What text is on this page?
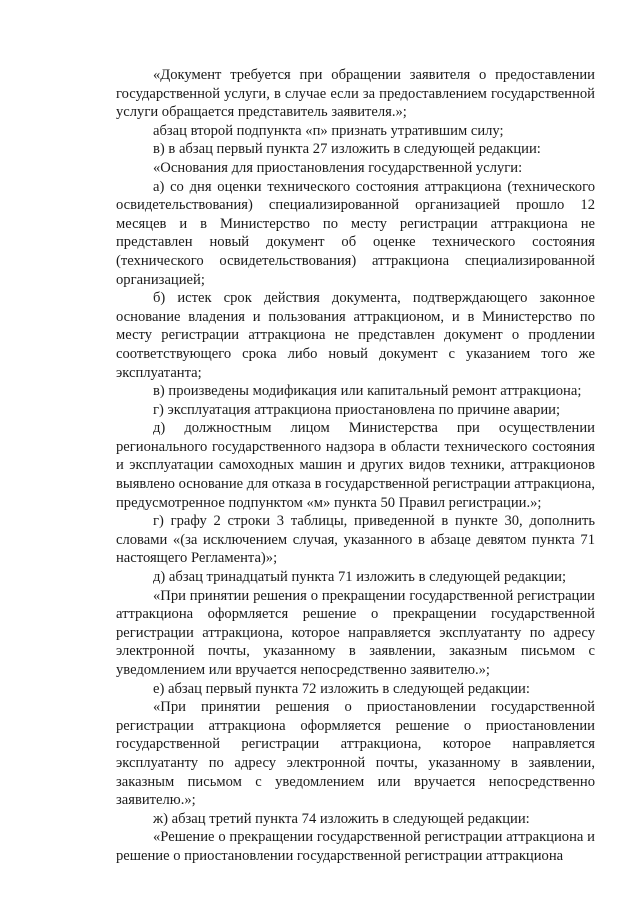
«Документ требуется при обращении заявителя о предоставлении государственной услуги, в случае если за предоставлением государственной услуги обращается представитель заявителя.»;

абзац второй подпункта «п» признать утратившим силу;

в) в абзац первый пункта 27 изложить в следующей редакции:

«Основания для приостановления государственной услуги:

а) со дня оценки технического состояния аттракциона (технического освидетельствования) специализированной организацией прошло 12 месяцев и в Министерство по месту регистрации аттракциона не представлен новый документ об оценке технического состояния (технического освидетельствования) аттракциона специализированной организацией;

б) истек срок действия документа, подтверждающего законное основание владения и пользования аттракционом, и в Министерство по месту регистрации аттракциона не представлен документ о продлении соответствующего срока либо новый документ с указанием того же эксплуатанта;

в) произведены модификация или капитальный ремонт аттракциона;

г) эксплуатация аттракциона приостановлена по причине аварии;

д) должностным лицом Министерства при осуществлении регионального государственного надзора в области технического состояния и эксплуатации самоходных машин и других видов техники, аттракционов выявлено основание для отказа в государственной регистрации аттракциона, предусмотренное подпунктом «м» пункта 50 Правил регистрации.»;

г) графу 2 строки 3 таблицы, приведенной в пункте 30, дополнить словами «(за исключением случая, указанного в абзаце девятом пункта 71 настоящего Регламента)»;

д) абзац тринадцатый пункта 71 изложить в следующей редакции;

«При принятии решения о прекращении государственной регистрации аттракциона оформляется решение о прекращении государственной регистрации аттракциона, которое направляется эксплуатанту по адресу электронной почты, указанному в заявлении, заказным письмом с уведомлением или вручается непосредственно заявителю.»;

е) абзац первый пункта 72 изложить в следующей редакции:

«При принятии решения о приостановлении государственной регистрации аттракциона оформляется решение о приостановлении государственной регистрации аттракциона, которое направляется эксплуатанту по адресу электронной почты, указанному в заявлении, заказным письмом с уведомлением или вручается непосредственно заявителю.»;

ж) абзац третий пункта 74 изложить в следующей редакции:

«Решение о прекращении государственной регистрации аттракциона и решение о приостановлении государственной регистрации аттракциона
